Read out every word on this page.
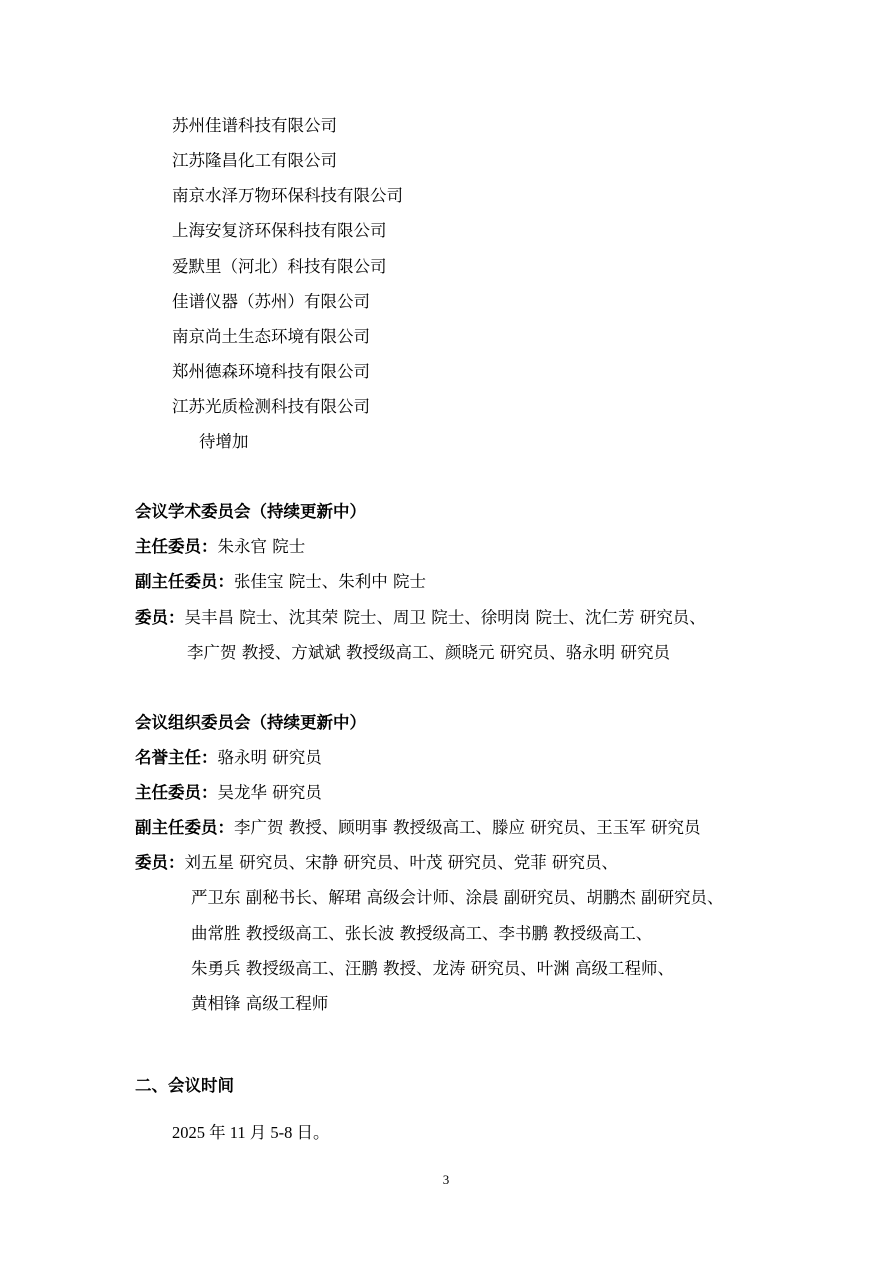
苏州佳谱科技有限公司
江苏隆昌化工有限公司
南京水泽万物环保科技有限公司
上海安复济环保科技有限公司
爱默里（河北）科技有限公司
佳谱仪器（苏州）有限公司
南京尚土生态环境有限公司
郑州德森环境科技有限公司
江苏光质检测科技有限公司
待增加
会议学术委员会（持续更新中）
主任委员：朱永官 院士
副主任委员：张佳宝 院士、朱利中 院士
委员：吴丰昌 院士、沈其荣 院士、周卫 院士、徐明岗 院士、沈仁芳 研究员、
李广贺 教授、方斌斌 教授级高工、颜晓元 研究员、骆永明 研究员
会议组织委员会（持续更新中）
名誉主任：骆永明 研究员
主任委员：吴龙华 研究员
副主任委员：李广贺 教授、顾明事 教授级高工、滕应 研究员、王玉军 研究员
委员：刘五星 研究员、宋静 研究员、叶茂 研究员、党菲 研究员、
严卫东 副秘书长、解珺 高级会计师、涂晨 副研究员、胡鹏杰 副研究员、
曲常胜 教授级高工、张长波 教授级高工、李书鹏 教授级高工、
朱勇兵 教授级高工、汪鹏 教授、龙涛 研究员、叶渊 高级工程师、
黄相锋 高级工程师
二、会议时间
2025 年 11 月 5-8 日。
3
